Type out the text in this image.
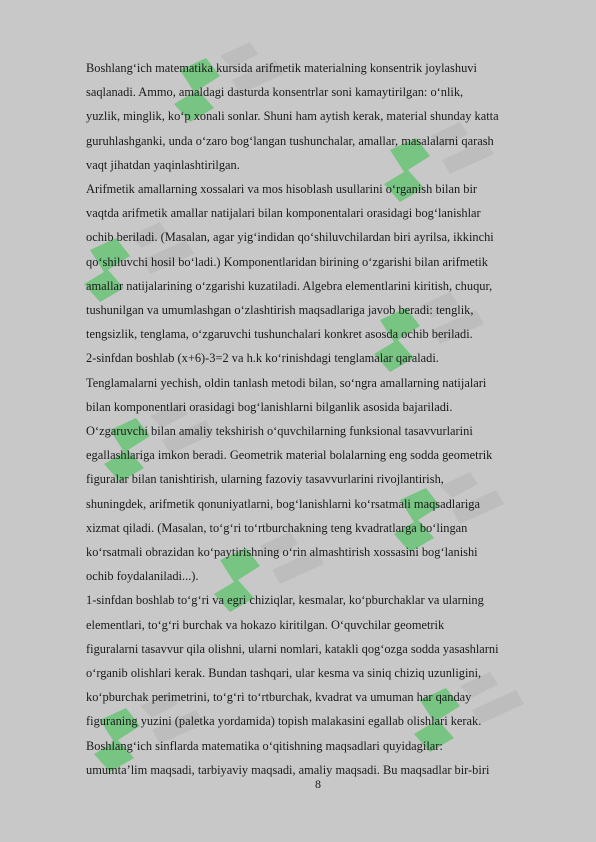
Boshlang‘ich matematika kursida arifmetik materialning konsentrik joylashuvi

saqlanadi. Ammo, amaldagi dasturda konsentrlar soni kamaytirilgan: o‘nlik,

yuzlik, minglik, ko‘p xonali sonlar. Shuni ham aytish kerak, material shunday katta

guruhlashganki, unda o‘zaro bog‘langan tushunchalar, amallar, masalalarni qarash

vaqt jihatdan yaqinlashtirilgan.

Arifmetik amallarning xossalari va mos hisoblash usullarini o‘rganish bilan bir

vaqtda arifmetik amallar natijalari bilan komponentalari orasidagi bog‘lanishlar

ochib beriladi. (Masalan, agar yig‘indidan qo‘shiluvchilardan biri ayrilsa, ikkinchi

qo‘shiluvchi hosil bo‘ladi.) Komponentlaridan birining o‘zgarishi bilan arifmetik

amallar natijalarining o‘zgarishi kuzatiladi. Algebra elementlarini kiritish, chuqur,

tushunilgan va umumlashgan o‘zlashtirish maqsadlariga javob beradi: tenglik,

tengsizlik, tenglama, o‘zgaruvchi tushunchalari konkret asosda ochib beriladi.

2-sinfdan boshlab (x+6)-3=2 va h.k ko‘rinishdagi tenglamalar qaraladi.

Tenglamalarni yechish, oldin tanlash metodi bilan, so‘ngra amallarning natijalari

bilan komponentlari orasidagi bog‘lanishlarni bilganlik asosida bajariladi.

O‘zgaruvchi bilan amaliy tekshirish o‘quvchilarning funksional tasavvurlarini

egallashlariga imkon beradi. Geometrik material bolalarning eng sodda geometrik

figuralar bilan tanishtirish, ularning fazoviy tasavvurlarini rivojlantirish,

shuningdek, arifmetik qonuniyatlarni, bog‘lanishlarni ko‘rsatmali maqsadlariga

xizmat qiladi. (Masalan, to‘g‘ri to‘rtburchakning teng kvadratlarga bo‘lingan

ko‘rsatmali obrazidan ko‘paytirishning o‘rin almashtirish xossasini bog‘lanishi

ochib foydalaniladi...).

1-sinfdan boshlab to‘g‘ri va egri chiziqlar, kesmalar, ko‘pburchaklar va ularning

elementlari, to‘g‘ri burchak va hokazo kiritilgan. O‘quvchilar geometrik

figuralarni tasavvur qila olishni, ularni nomlari, katakli qog‘ozga sodda yasashlarni

o‘rganib olishlari kerak. Bundan tashqari, ular kesma va siniq chiziq uzunligini,

ko‘pburchak perimetrini, to‘g‘ri to‘rtburchak, kvadrat va umuman har qanday

figuraning yuzini (paletka yordamida) topish malakasini egallab olishlari kerak.

Boshlang‘ich sinflarda matematika o‘qitishning maqsadlari quyidagilar:

umumta’lim maqsadi, tarbiyaviy maqsadi, amaliy maqsadi. Bu maqsadlar bir-biri

8
